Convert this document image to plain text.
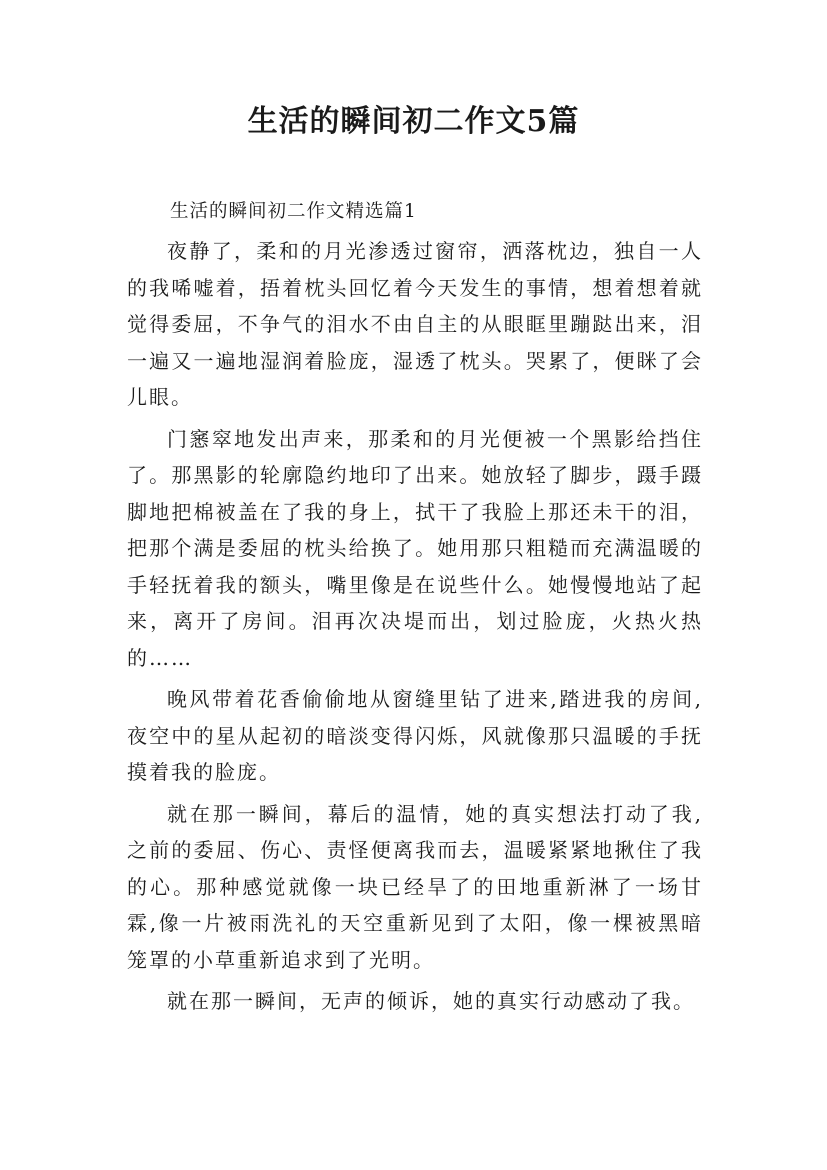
生活的瞬间初二作文5篇

生活的瞬间初二作文精选篇1

夜静了，柔和的月光渗透过窗帘，洒落枕边，独自一人的我唏嘘着，捂着枕头回忆着今天发生的事情，想着想着就觉得委屈，不争气的泪水不由自主的从眼眶里蹦跶出来，泪一遍又一遍地湿润着脸庞，湿透了枕头。哭累了，便眯了会儿眼。

门窸窣地发出声来，那柔和的月光便被一个黑影给挡住了。那黑影的轮廓隐约地印了出来。她放轻了脚步，蹑手蹑脚地把棉被盖在了我的身上，拭干了我脸上那还未干的泪，把那个满是委屈的枕头给换了。她用那只粗糙而充满温暖的手轻抚着我的额头，嘴里像是在说些什么。她慢慢地站了起来，离开了房间。泪再次决堤而出，划过脸庞，火热火热的……

晚风带着花香偷偷地从窗缝里钻了进来,踏进我的房间,夜空中的星从起初的暗淡变得闪烁，风就像那只温暖的手抚摸着我的脸庞。

就在那一瞬间，幕后的温情，她的真实想法打动了我,之前的委屈、伤心、责怪便离我而去，温暖紧紧地揪住了我的心。那种感觉就像一块已经旱了的田地重新淋了一场甘霖,像一片被雨洗礼的天空重新见到了太阳，像一棵被黑暗笼罩的小草重新追求到了光明。

就在那一瞬间，无声的倾诉，她的真实行动感动了我。
